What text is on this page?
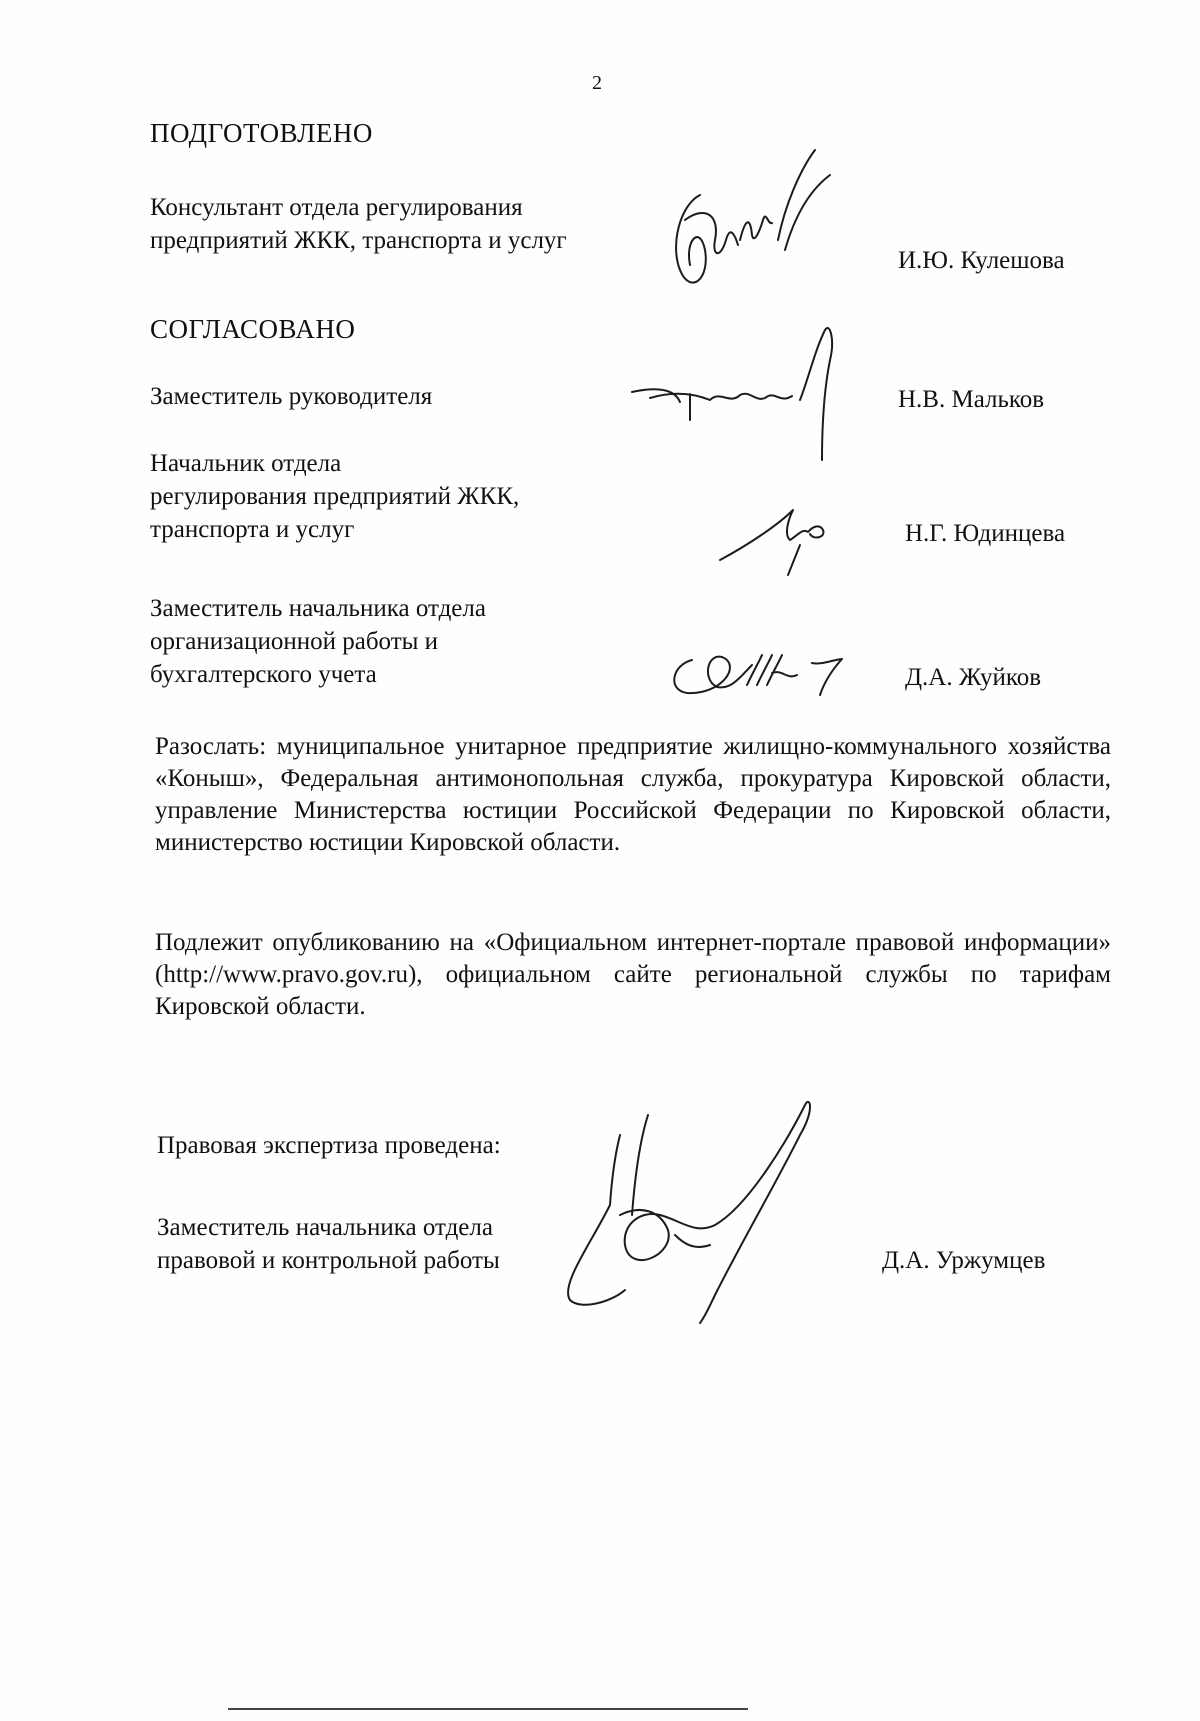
2
ПОДГОТОВЛЕНО
Консультант отдела регулирования
предприятий ЖКК, транспорта и услуг
И.Ю. Кулешова
СОГЛАСОВАНО
Заместитель руководителя	Н.В. Мальков
Начальник отдела
регулирования предприятий ЖКК,
транспорта и услуг	Н.Г. Юдинцева
Заместитель начальника отдела
организационной работы и
бухгалтерского учета	Д.А. Жуйков
Разослать: муниципальное унитарное предприятие жилищно-коммунального хозяйства «Коныш», Федеральная антимонопольная служба, прокуратура Кировской области, управление Министерства юстиции Российской Федерации по Кировской области, министерство юстиции Кировской области.
Подлежит опубликованию на «Официальном интернет-портале правовой информации» (http://www.pravo.gov.ru), официальном сайте региональной службы по тарифам Кировской области.
Правовая экспертиза проведена:
Заместитель начальника отдела
правовой и контрольной работы	Д.А. Уржумцев
